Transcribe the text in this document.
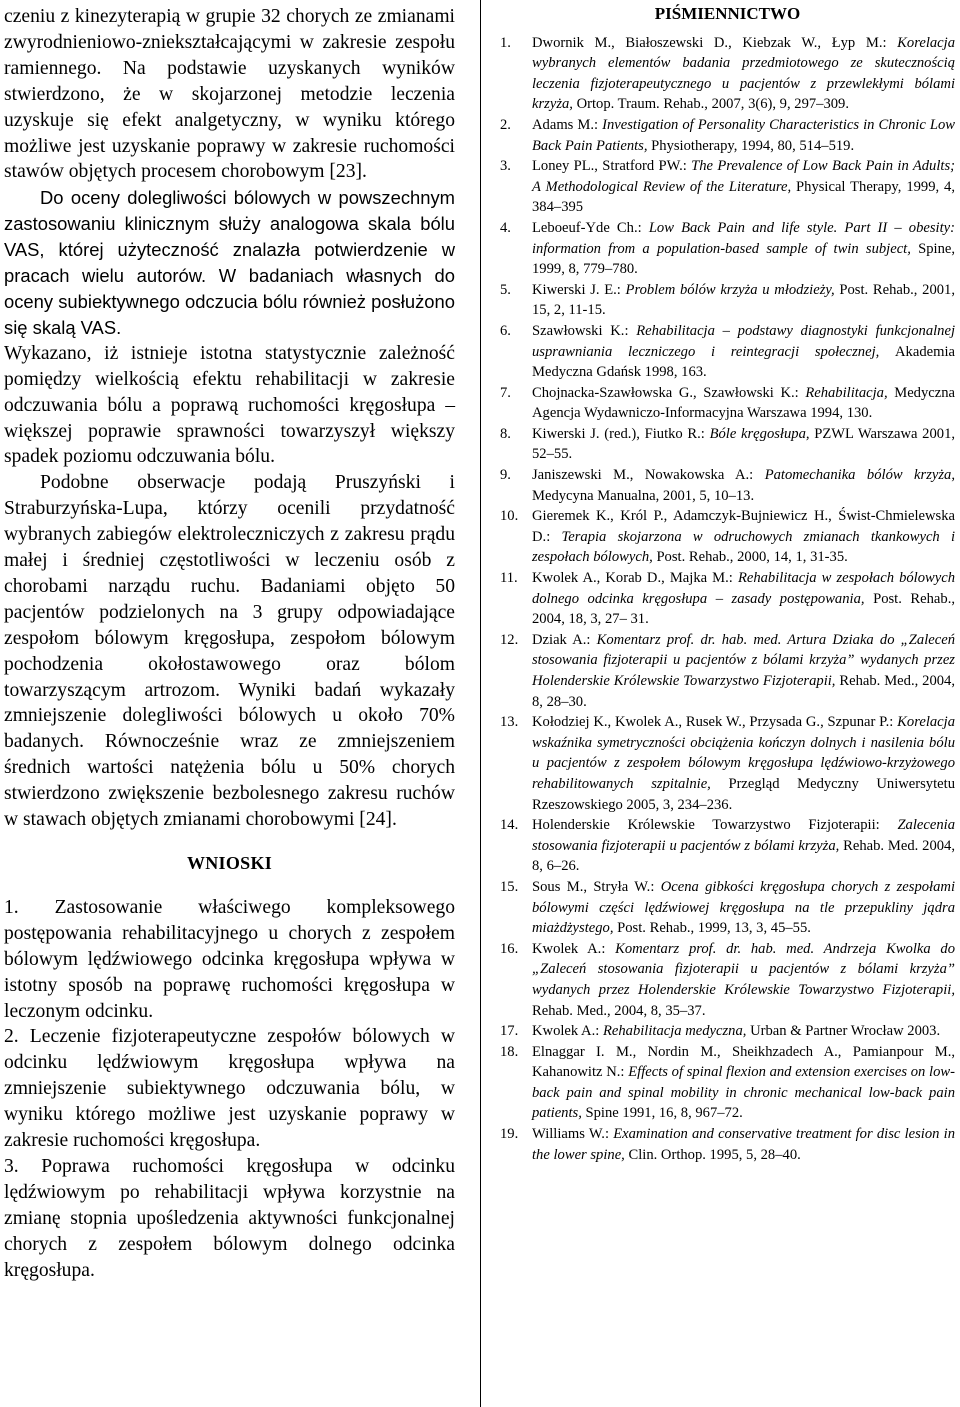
czeniu z kinezyterapią w grupie 32 chorych ze zmianami zwyrodnieniowo-zniekształcającymi w zakresie zespołu ramiennego. Na podstawie uzyskanych wyników stwierdzono, że w skojarzonej metodzie leczenia uzyskuje się efekt analgetyczny, w wyniku którego możliwe jest uzyskanie poprawy w zakresie ruchomości stawów objętych procesem chorobowym [23].

Do oceny dolegliwości bólowych w powszechnym zastosowaniu klinicznym służy analogowa skala bólu VAS, której użyteczność znalazła potwierdzenie w pracach wielu autorów. W badaniach własnych do oceny subiektywnego odczucia bólu również posłużono się skalą VAS.

Wykazano, iż istnieje istotna statystycznie zależność pomiędzy wielkością efektu rehabilitacji w zakresie odczuwania bólu a poprawą ruchomości kręgosłupa – większej poprawie sprawności towarzyszył większy spadek poziomu odczuwania bólu.

Podobne obserwacje podają Pruszyński i Straburzyńska-Lupa, którzy ocenili przydatność wybranych zabiegów elektroleczniczych z zakresu prądu małej i średniej częstotliwości w leczeniu osób z chorobami narządu ruchu. Badaniami objęto 50 pacjentów podzielonych na 3 grupy odpowiadające zespołom bólowym kręgosłupa, zespołom bólowym pochodzenia okołostawowego oraz bólom towarzyszącym artrozom. Wyniki badań wykazały zmniejszenie dolegliwości bólowych u około 70% badanych. Równocześnie wraz ze zmniejszeniem średnich wartości natężenia bólu u 50% chorych stwierdzono zwiększenie bezbolesnego zakresu ruchów w stawach objętych zmianami chorobowymi [24].

WNIOSKI
1. Zastosowanie właściwego kompleksowego postępowania rehabilitacyjnego u chorych z zespołem bólowym lędźwiowego odcinka kręgosłupa wpływa w istotny sposób na poprawę ruchomości kręgosłupa w leczonym odcinku.
2. Leczenie fizjoterapeutyczne zespołów bólowych w odcinku lędźwiowym kręgosłupa wpływa na zmniejszenie subiektywnego odczuwania bólu, w wyniku którego możliwe jest uzyskanie poprawy w zakresie ruchomości kręgosłupa.
3. Poprawa ruchomości kręgosłupa w odcinku lędźwiowym po rehabilitacji wpływa korzystnie na zmianę stopnia upośledzenia aktywności funkcjonalnej chorych z zespołem bólowym dolnego odcinka kręgosłupa.
PIŚMIENNICTWO
1.	Dwornik M., Białoszewski D., Kiebzak W., Łyp M.: Korelacja wybranych elementów badania przedmiotowego ze skutecznością leczenia fizjoterapeutycznego u pacjentów z przewlekłymi bólami krzyża, Ortop. Traum. Rehab., 2007, 3(6), 9, 297–309.
2.	Adams M.: Investigation of Personality Characteristics in Chronic Low Back Pain Patients, Physiotherapy, 1994, 80, 514–519.
3.	Loney PL., Stratford PW.: The Prevalence of Low Back Pain in Adults; A Methodological Review of the Literature, Physical Therapy, 1999, 4, 384–395
4.	Leboeuf-Yde Ch.: Low Back Pain and life style. Part II – obesity: information from a population-based sample of twin subject, Spine, 1999, 8, 779–780.
5.	Kiwerski J. E.: Problem bólów krzyża u młodzieży, Post. Rehab., 2001, 15, 2, 11-15.
6.	Szawłowski K.: Rehabilitacja – podstawy diagnostyki funkcjonalnej usprawniania leczniczego i reintegracji społecznej, Akademia Medyczna Gdańsk 1998, 163.
7.	Chojnacka-Szawłowska G., Szawłowski K.: Rehabilitacja, Medyczna Agencja Wydawniczo-Informacyjna Warszawa 1994, 130.
8.	Kiwerski J. (red.), Fiutko R.: Bóle kręgosłupa, PZWL Warszawa 2001, 52–55.
9.	Janiszewski M., Nowakowska A.: Patomechanika bólów krzyża, Medycyna Manualna, 2001, 5, 10–13.
10. Gieremek K., Król P., Adamczyk-Bujniewicz H., Świst-Chmielewska D.: Terapia skojarzona w odruchowych zmianach tkankowych i zespołach bólowych, Post. Rehab., 2000, 14, 1, 31-35.
11. Kwolek A., Korab D., Majka M.: Rehabilitacja w zespołach bólowych dolnego odcinka kręgosłupa – zasady postępowania, Post. Rehab., 2004, 18, 3, 27– 31.
12. Dziak A.: Komentarz prof. dr. hab. med. Artura Dziaka do „Zaleceń stosowania fizjoterapii u pacjentów z bólami krzyża” wydanych przez Holenderskie Królewskie Towarzystwo Fizjoterapii, Rehab. Med., 2004, 8, 28–30.
13. Kołodziej K., Kwolek A., Rusek W., Przysada G., Szpunar P.: Korelacja wskaźnika symetryczności obciążenia kończyn dolnych i nasilenia bólu u pacjentów z zespołem bólowym kręgosłupa lędźwiowo-krzyżowego rehabilitowanych szpitalnie, Przegląd Medyczny Uniwersytetu Rzeszowskiego 2005, 3, 234–236.
14. Holenderskie Królewskie Towarzystwo Fizjoterapii: Zalecenia stosowania fizjoterapii u pacjentów z bólami krzyża, Rehab. Med. 2004, 8, 6–26.
15. Sous M., Stryła W.: Ocena gibkości kręgosłupa chorych z zespołami bólowymi części lędźwiowej kręgosłupa na tle przepukliny jądra miażdżystego, Post. Rehab., 1999, 13, 3, 45–55.
16. Kwolek A.: Komentarz prof. dr. hab. med. Andrzeja Kwolka do „Zaleceń stosowania fizjoterapii u pacjentów z bólami krzyża” wydanych przez Holenderskie Królewskie Towarzystwo Fizjoterapii, Rehab. Med., 2004, 8, 35–37.
17. Kwolek A.: Rehabilitacja medyczna, Urban & Partner Wrocław 2003.
18. Elnaggar I. M., Nordin M., Sheikhzadech A., Pamianpour M., Kahanowitz N.: Effects of spinal flexion and extension exercises on low-back pain and spinal mobility in chronic mechanical low-back pain patients, Spine 1991, 16, 8, 967–72.
19. Williams W.: Examination and conservative treatment for disc lesion in the lower spine, Clin. Orthop. 1995, 5, 28–40.
